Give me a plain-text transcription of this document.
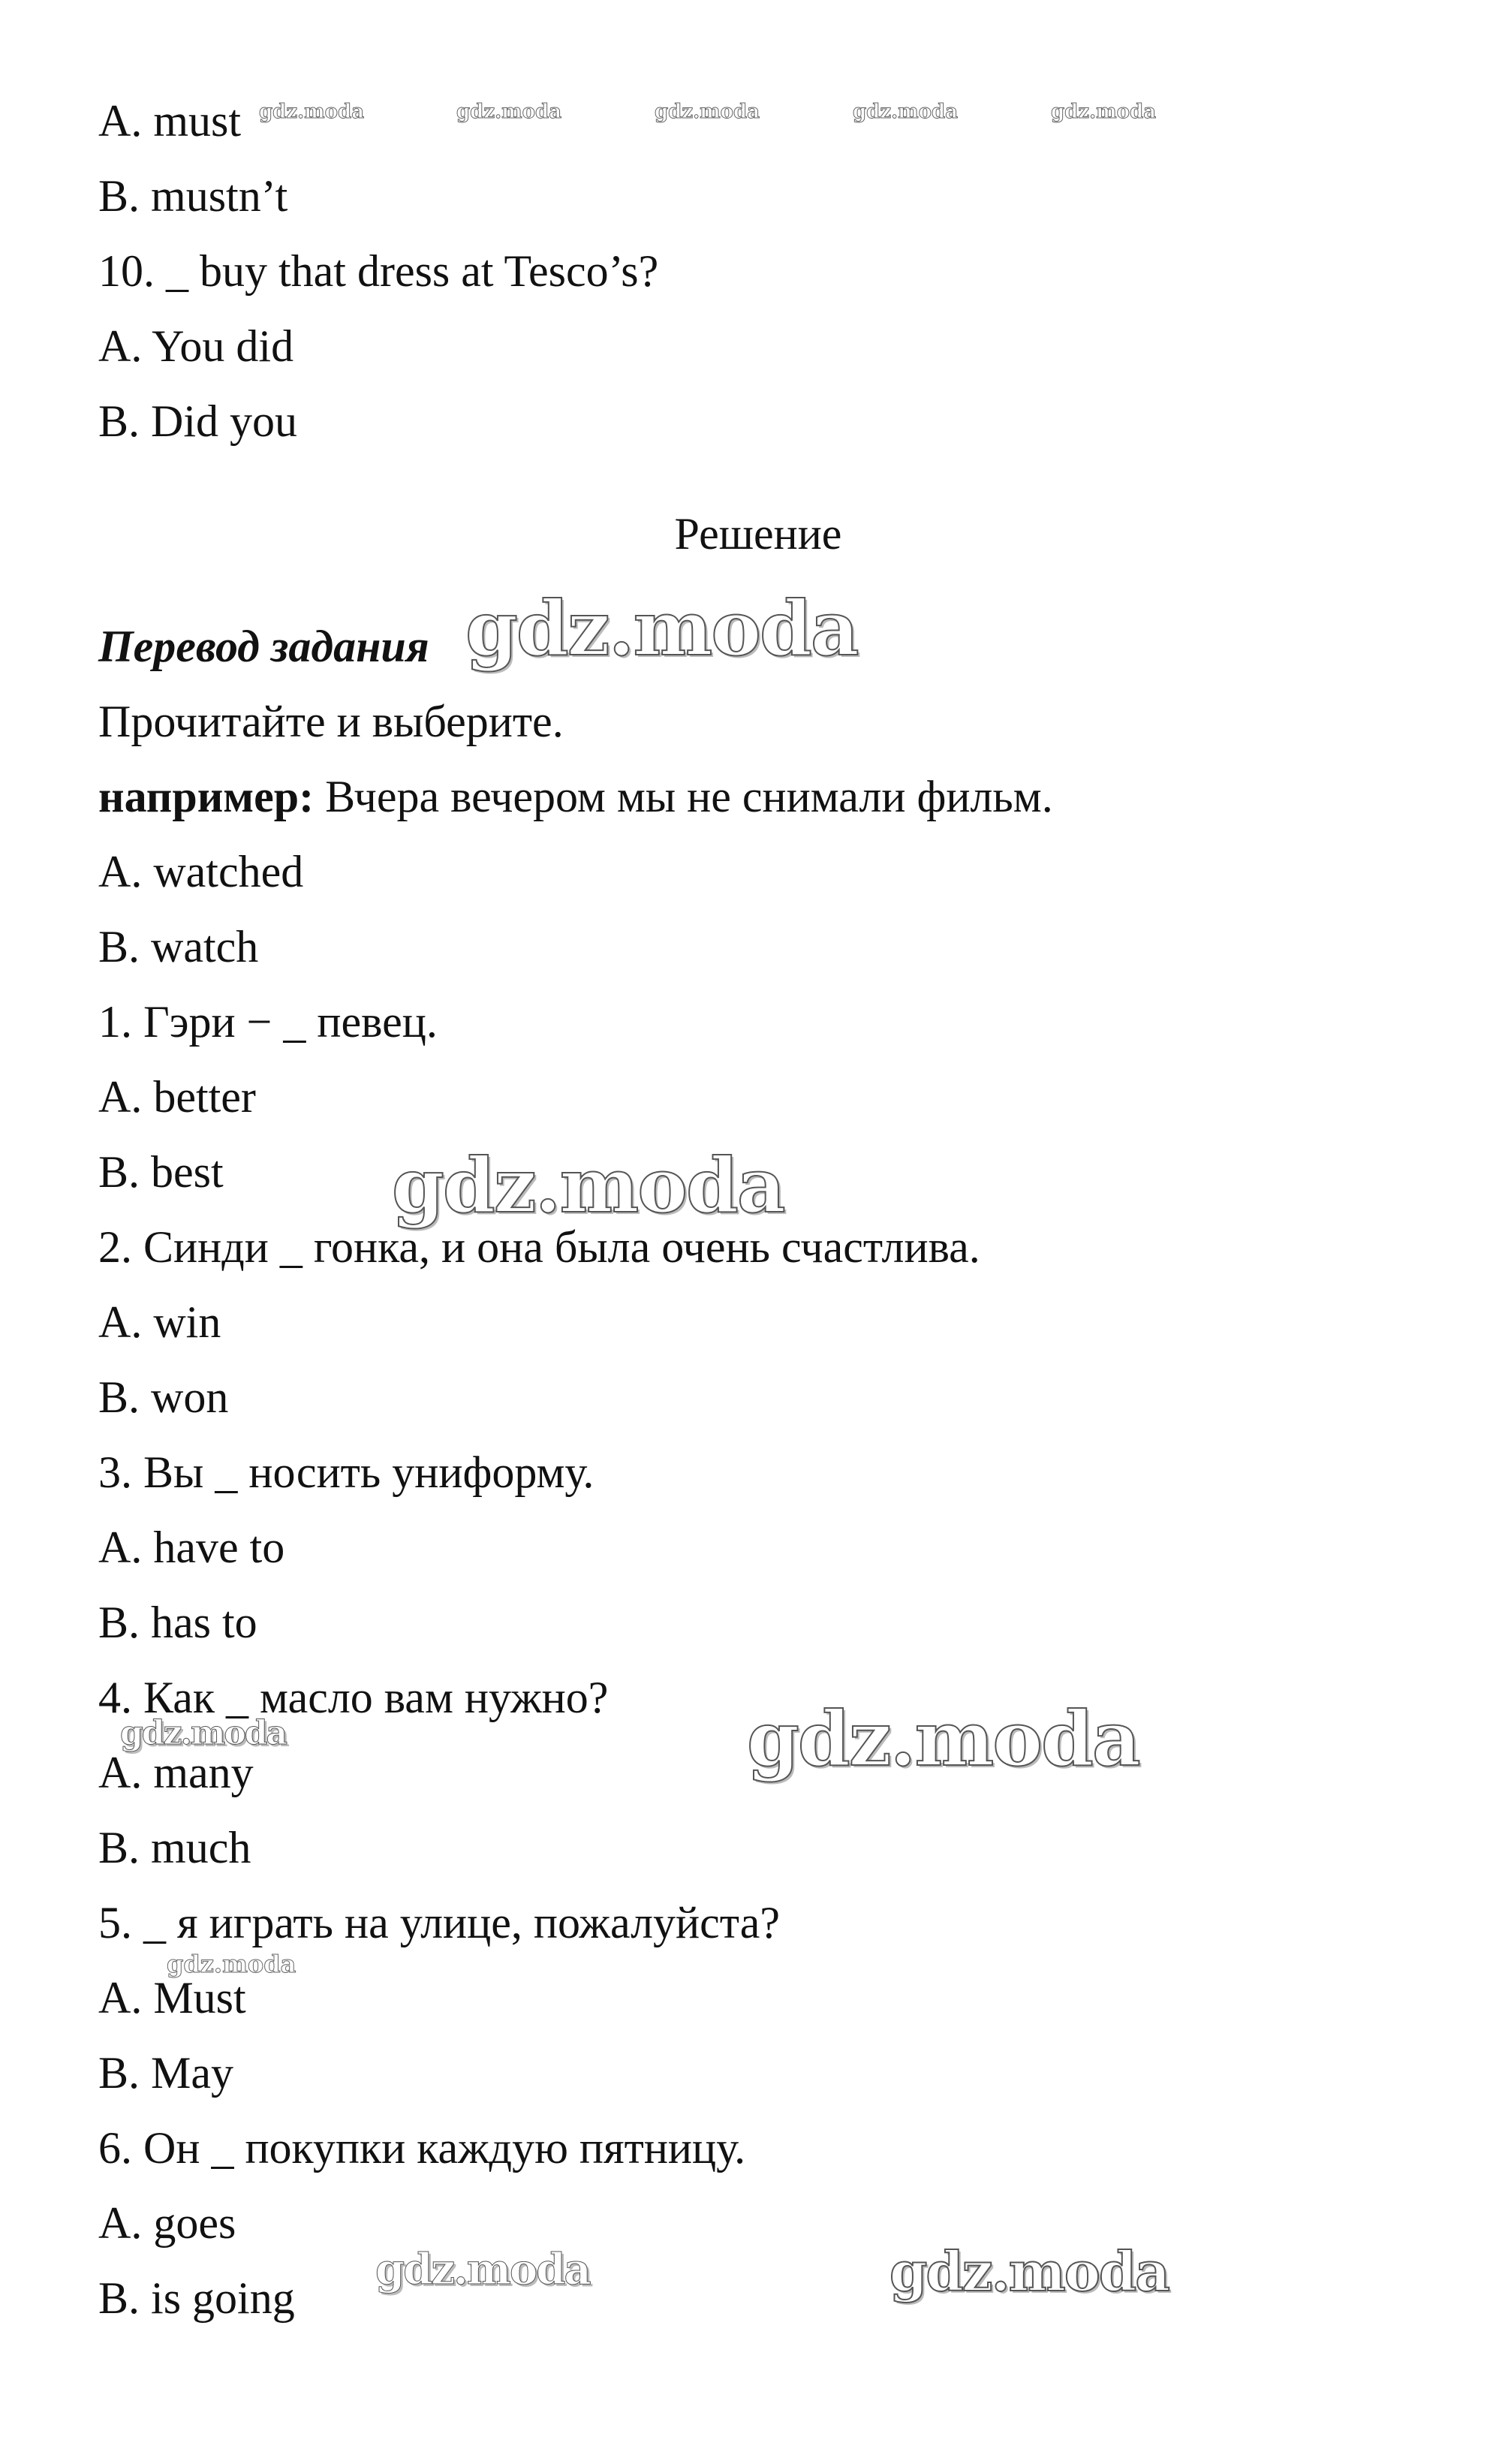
A. must

B. mustn’t

10. _ buy that dress at Tesco’s?

A. You did

B. Did you

Решение

Перевод задания

Прочитайте и выберите.

например: Вчера вечером мы не снимали фильм.

A. watched

B. watch

1. Гэри − _ певец.

A. better

B. best

2. Синди _ гонка, и она была очень счастлива.

A. win

B. won

3. Вы _ носить униформу.

A. have to

B. has to

4. Как _ масло вам нужно?

A. many

B. much

5. _ я играть на улице, пожалуйста?

A. Must

B. May

6. Он _ покупки каждую пятницу.

A. goes

B. is going

gdz.moda	gdz.moda	gdz.moda	gdz.moda	gdz.moda
gdz.moda
gdz.moda
gdz.moda
gdz.moda
gdz.moda
gdz.moda	gdz.moda
